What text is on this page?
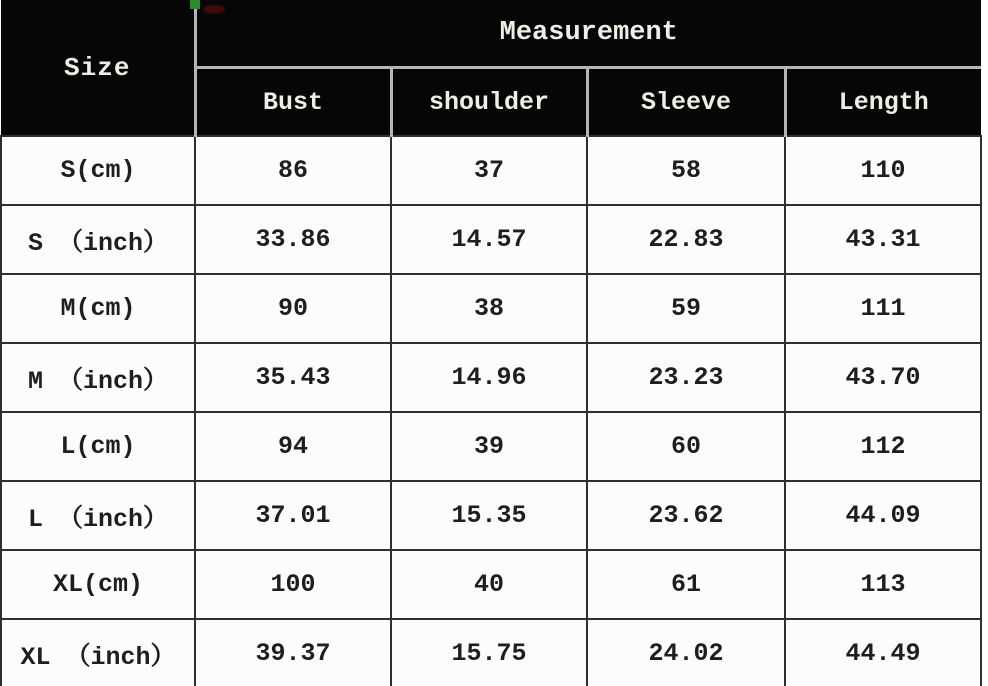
Size	Measurement			
	Bust	shoulder	Sleeve	Length
S(cm)	86	37	58	110
S （inch）	33.86	14.57	22.83	43.31
M(cm)	90	38	59	111
M （inch）	35.43	14.96	23.23	43.70
L(cm)	94	39	60	112
L （inch）	37.01	15.35	23.62	44.09
XL(cm)	100	40	61	113
XL （inch）	39.37	15.75	24.02	44.49
